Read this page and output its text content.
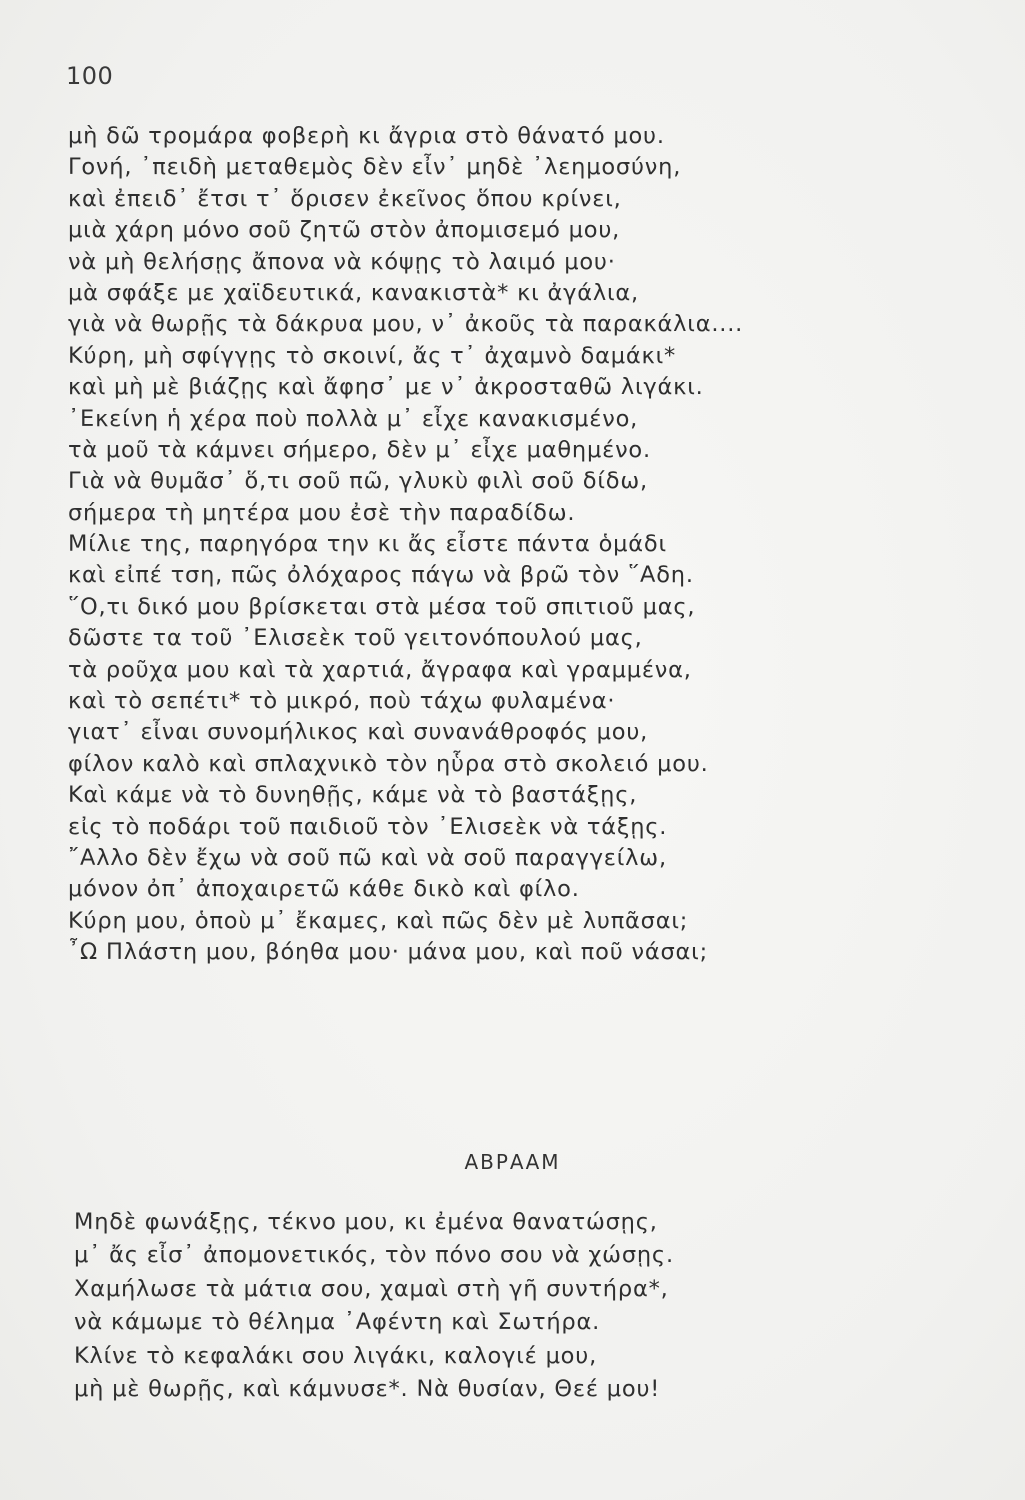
100
μὴ δῶ τρομάρα φοβερὴ κι ἄγρια στὸ θάνατό μου.
Γονή, ᾿πειδὴ μεταθεμὸς δὲν εἶν᾿ μηδὲ ᾿λεημοσύνη,
καὶ ἐπειδ᾿ ἔτσι τ᾿ ὅρισεν ἐκεῖνος ὅπου κρίνει,
μιὰ χάρη μόνο σοῦ ζητῶ στὸν ἀπομισεμό μου,
νὰ μὴ θελήσῃς ἄπονα νὰ κόψῃς τὸ λαιμό μου·
μὰ σφάξε με χαϊδευτικά, κανακιστὰ* κι ἀγάλια,
γιὰ νὰ θωρῇς τὰ δάκρυα μου, ν᾿ ἀκοῦς τὰ παρακάλια....
Κύρη, μὴ σφίγγῃς τὸ σκοινί, ἄς τ᾿ ἀχαμνὸ δαμάκι*
καὶ μὴ μὲ βιάζῃς καὶ ἄφησ᾿ με ν᾿ ἀκροσταθῶ λιγάκι.
᾿Εκείνη ἡ χέρα ποὺ πολλὰ μ᾿ εἶχε κανακισμένο,
τὰ μοῦ τὰ κάμνει σήμερο, δὲν μ᾿ εἶχε μαθημένο.
Γιὰ νὰ θυμᾶσ᾿ ὅ,τι σοῦ πῶ, γλυκὺ φιλὶ σοῦ δίδω,
σήμερα τὴ μητέρα μου ἐσὲ τὴν παραδίδω.
Μίλιε της, παρηγόρα την κι ἄς εἶστε πάντα ὁμάδι
καὶ εἰπέ τση, πῶς ὀλόχαρος πάγω νὰ βρῶ τὸν ῞Αδη.
῞Ο,τι δικό μου βρίσκεται στὰ μέσα τοῦ σπιτιοῦ μας,
δῶστε τα τοῦ ᾿Ελισεὲκ τοῦ γειτονόπουλού μας,
τὰ ροῦχα μου καὶ τὰ χαρτιά, ἄγραφα καὶ γραμμένα,
καὶ τὸ σεπέτι* τὸ μικρό, ποὺ τάχω φυλαμένα·
γιατ᾿ εἶναι συνομήλικος καὶ συνανάθροφός μου,
φίλον καλὸ καὶ σπλαχνικὸ τὸν ηὗρα στὸ σκολειό μου.
Καὶ κάμε νὰ τὸ δυνηθῇς, κάμε νὰ τὸ βαστάξῃς,
εἰς τὸ ποδάρι τοῦ παιδιοῦ τὸν ᾿Ελισεὲκ νὰ τάξῃς.
῎Αλλο δὲν ἔχω νὰ σοῦ πῶ καὶ νὰ σοῦ παραγγείλω,
μόνον ὀπ᾿ ἀποχαιρετῶ κάθε δικὸ καὶ φίλο.
Κύρη μου, ὁποὺ μ᾿ ἔκαμες, καὶ πῶς δὲν μὲ λυπᾶσαι;
῏Ω Πλάστη μου, βόηθα μου· μάνα μου, καὶ ποῦ νάσαι;
ΑΒΡΑΑΜ
Μηδὲ φωνάξῃς, τέκνο μου, κι ἐμένα θανατώσῃς,
μ᾿ ἄς εἶσ᾿ ἀπομονετικός, τὸν πόνο σου νὰ χώσῃς.
Χαμήλωσε τὰ μάτια σου, χαμαὶ στὴ γῆ συντήρα*,
νὰ κάμωμε τὸ θέλημα ᾿Αφέντη καὶ Σωτήρα.
Κλίνε τὸ κεφαλάκι σου λιγάκι, καλογιέ μου,
μὴ μὲ θωρῇς, καὶ κάμνυσε*. Νὰ θυσίαν, Θεέ μου!
